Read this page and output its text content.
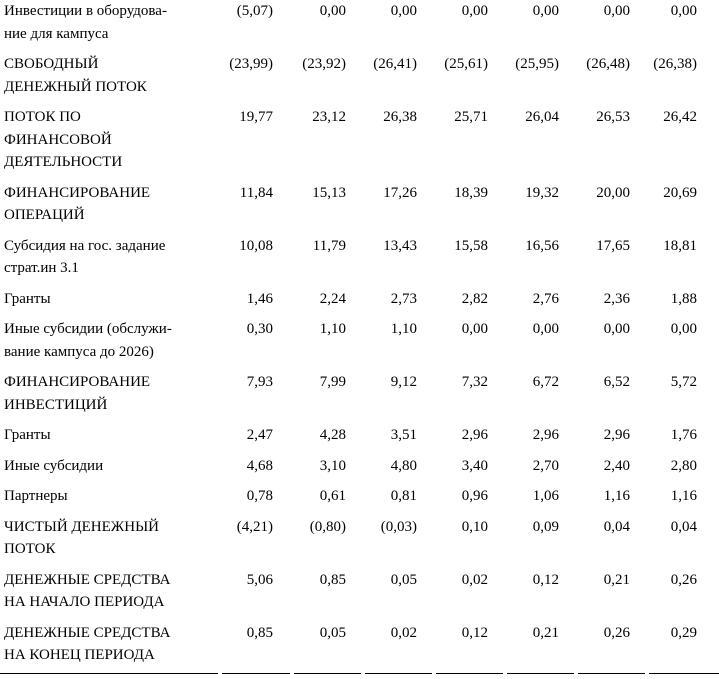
Инвестиции в оборудова-
ние для кампуса	(5,07)	0,00	0,00	0,00	0,00	0,00	0,00
СВОБОДНЫЙ
ДЕНЕЖНЫЙ ПОТОК	(23,99)	(23,92)	(26,41)	(25,61)	(25,95)	(26,48)	(26,38)
ПОТОК ПО
ФИНАНСОВОЙ
ДЕЯТЕЛЬНОСТИ	19,77	23,12	26,38	25,71	26,04	26,53	26,42
ФИНАНСИРОВАНИЕ
ОПЕРАЦИЙ	11,84	15,13	17,26	18,39	19,32	20,00	20,69
Субсидия на гос. задание
страт.ин 3.1	10,08	11,79	13,43	15,58	16,56	17,65	18,81
Гранты	1,46	2,24	2,73	2,82	2,76	2,36	1,88
Иные субсидии (обслужи-
вание кампуса до 2026)	0,30	1,10	1,10	0,00	0,00	0,00	0,00
ФИНАНСИРОВАНИЕ
ИНВЕСТИЦИЙ	7,93	7,99	9,12	7,32	6,72	6,52	5,72
Гранты	2,47	4,28	3,51	2,96	2,96	2,96	1,76
Иные субсидии	4,68	3,10	4,80	3,40	2,70	2,40	2,80
Партнеры	0,78	0,61	0,81	0,96	1,06	1,16	1,16
ЧИСТЫЙ ДЕНЕЖНЫЙ
ПОТОК	(4,21)	(0,80)	(0,03)	0,10	0,09	0,04	0,04
ДЕНЕЖНЫЕ СРЕДСТВА
НА НАЧАЛО ПЕРИОДА	5,06	0,85	0,05	0,02	0,12	0,21	0,26
ДЕНЕЖНЫЕ СРЕДСТВА
НА КОНЕЦ ПЕРИОДА	0,85	0,05	0,02	0,12	0,21	0,26	0,29
